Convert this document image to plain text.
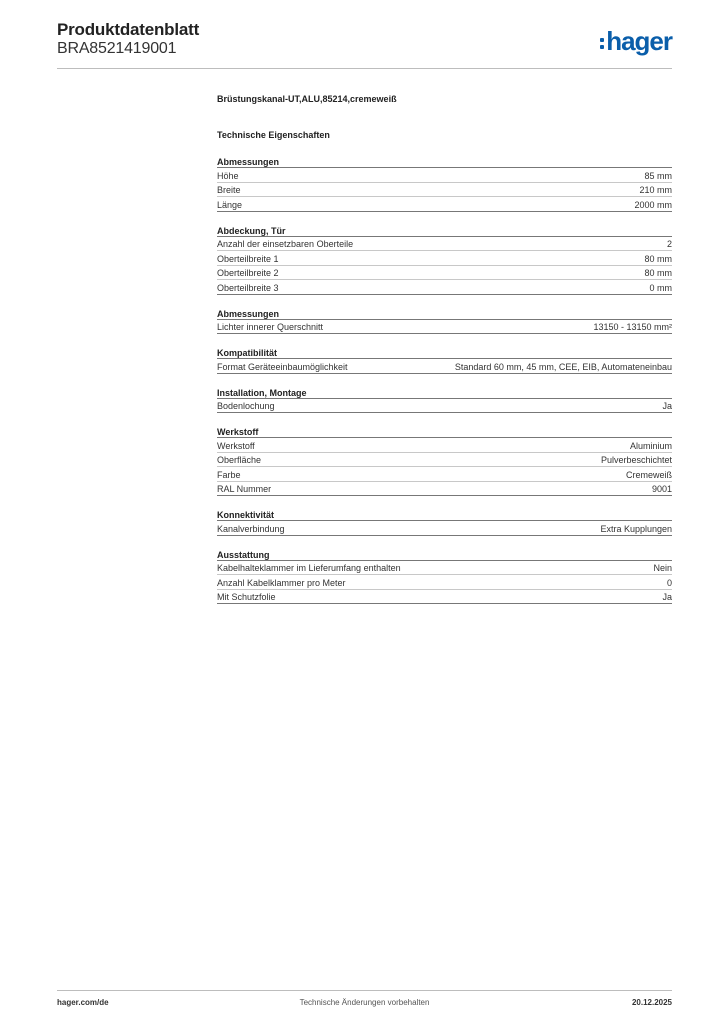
Produktdatenblatt
BRA8521419001	hager
Brüstungskanal-UT,ALU,85214,cremeweiß
Technische Eigenschaften
Abmessungen
Höhe	85 mm
Breite	210 mm
Länge	2000 mm
Abdeckung, Tür
Anzahl der einsetzbaren Oberteile	2
Oberteilbreite 1	80 mm
Oberteilbreite 2	80 mm
Oberteilbreite 3	0 mm
Abmessungen
Lichter innerer Querschnitt	13150 - 13150 mm²
Kompatibilität
Format Geräteeinbaumöglichkeit	Standard 60 mm, 45 mm, CEE, EIB, Automateneinbau
Installation, Montage
Bodenlochung	Ja
Werkstoff
Werkstoff	Aluminium
Oberfläche	Pulverbeschichtet
Farbe	Cremeweiß
RAL Nummer	9001
Konnektivität
Kanalverbindung	Extra Kupplungen
Ausstattung
Kabelhalteklammer im Lieferumfang enthalten	Nein
Anzahl Kabelklammer pro Meter	0
Mit Schutzfolie	Ja
hager.com/de	Technische Änderungen vorbehalten	20.12.2025
